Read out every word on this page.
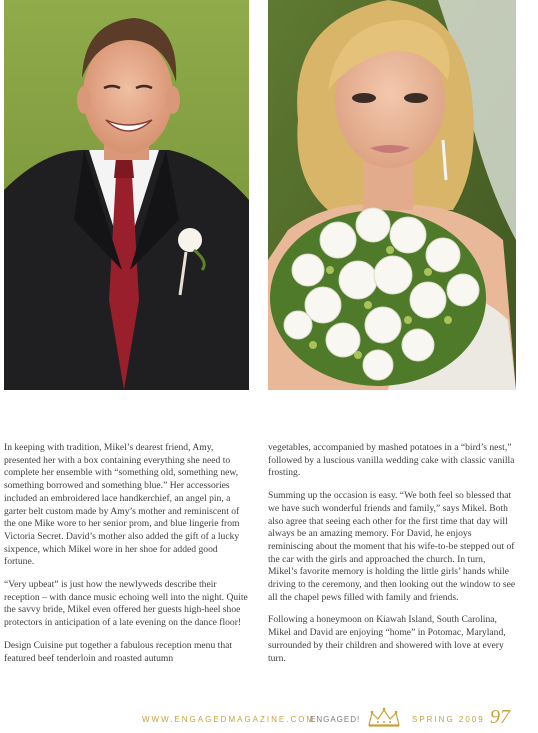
In keeping with tradition, Mikel’s dearest friend, Amy, presented her with a box containing everything she need to complete her ensemble with “something old, something new, something borrowed and something blue.” Her accessories included an embroidered lace handkerchief, an angel pin, a garter belt custom made by Amy’s mother and reminiscent of the one Mike wore to her senior prom, and blue lingerie from Victoria Secret. David’s mother also added the gift of a lucky sixpence, which Mikel wore in her shoe for added good fortune.

“Very upbeat” is just how the newlyweds describe their reception – with dance music echoing well into the night. Quite the savvy bride, Mikel even offered her guests high-heel shoe protectors in anticipation of a late evening on the dance floor!

Design Cuisine put together a fabulous reception menu that featured beef tenderloin and roasted autumn

vegetables, accompanied by mashed potatoes in a “bird’s nest,” followed by a luscious vanilla wedding cake with classic vanilla frosting.

Summing up the occasion is easy. “We both feel so blessed that we have such wonderful friends and family,” says Mikel. Both also agree that seeing each other for the first time that day will always be an amazing memory. For David, he enjoys reminiscing about the moment that his wife-to-be stepped out of the car with the girls and approached the church. In turn, Mikel’s favorite memory is holding the little girls’ hands while driving to the ceremony, and then looking out the window to see all the chapel pews filled with family and friends.

Following a honeymoon on Kiawah Island, South Carolina, Mikel and David are enjoying “home” in Potomac, Maryland, surrounded by their children and showered with love at every turn.

WWW.ENGAGEDMAGAZINE.COM
ENGAGED!	SPRING 2009 97
